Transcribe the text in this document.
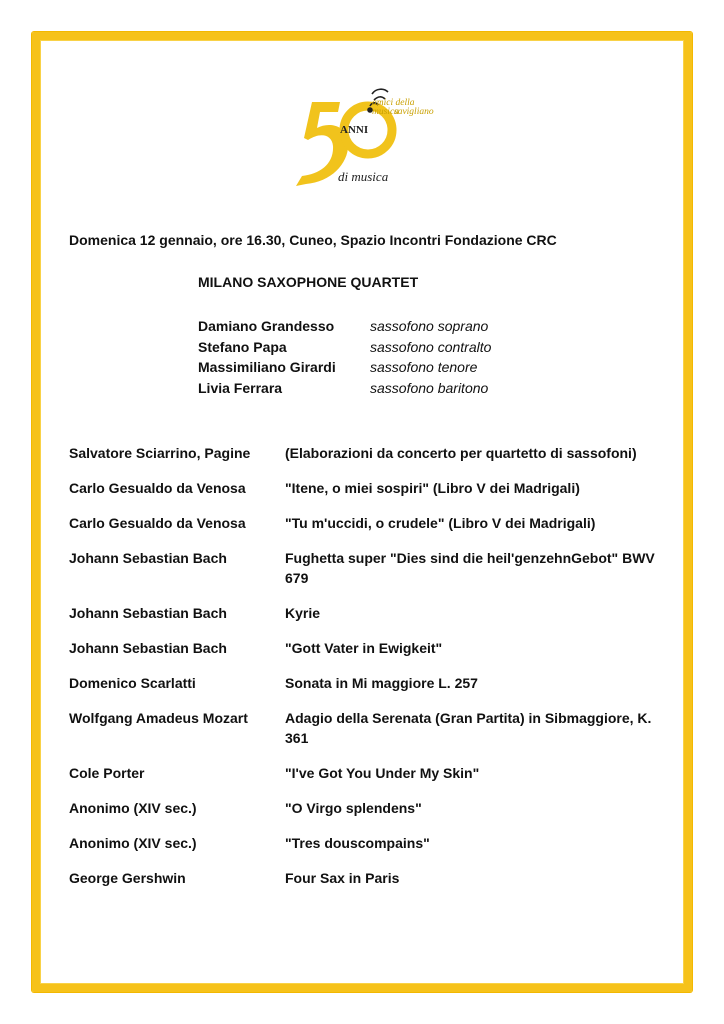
amici della
musica
savigliano
ANNI
di musica
Domenica 12 gennaio, ore 16.30, Cuneo, Spazio Incontri Fondazione CRC
MILANO SAXOPHONE QUARTET
Damiano Grandesso	sassofono soprano
Stefano Papa	sassofono contralto
Massimiliano Girardi	sassofono tenore
Livia Ferrara	sassofono baritono
Salvatore Sciarrino, Pagine	(Elaborazioni da concerto per quartetto di sassofoni)
Carlo Gesualdo da Venosa	"Itene, o miei sospiri" (Libro V dei Madrigali)
Carlo Gesualdo da Venosa	"Tu m'uccidi, o crudele" (Libro V dei Madrigali)
Johann Sebastian Bach	Fughetta super "Dies sind die heil'genzehnGebot" BWV 679
Johann Sebastian Bach	Kyrie
Johann Sebastian Bach	"Gott Vater in Ewigkeit"
Domenico Scarlatti	Sonata in Mi maggiore L. 257
Wolfgang Amadeus Mozart	Adagio della Serenata (Gran Partita) in Sibmaggiore, K. 361
Cole Porter	"I've Got You Under My Skin"
Anonimo (XIV sec.)	"O Virgo splendens"
Anonimo (XIV sec.)	"Tres douscompains"
George Gershwin	Four Sax in Paris
